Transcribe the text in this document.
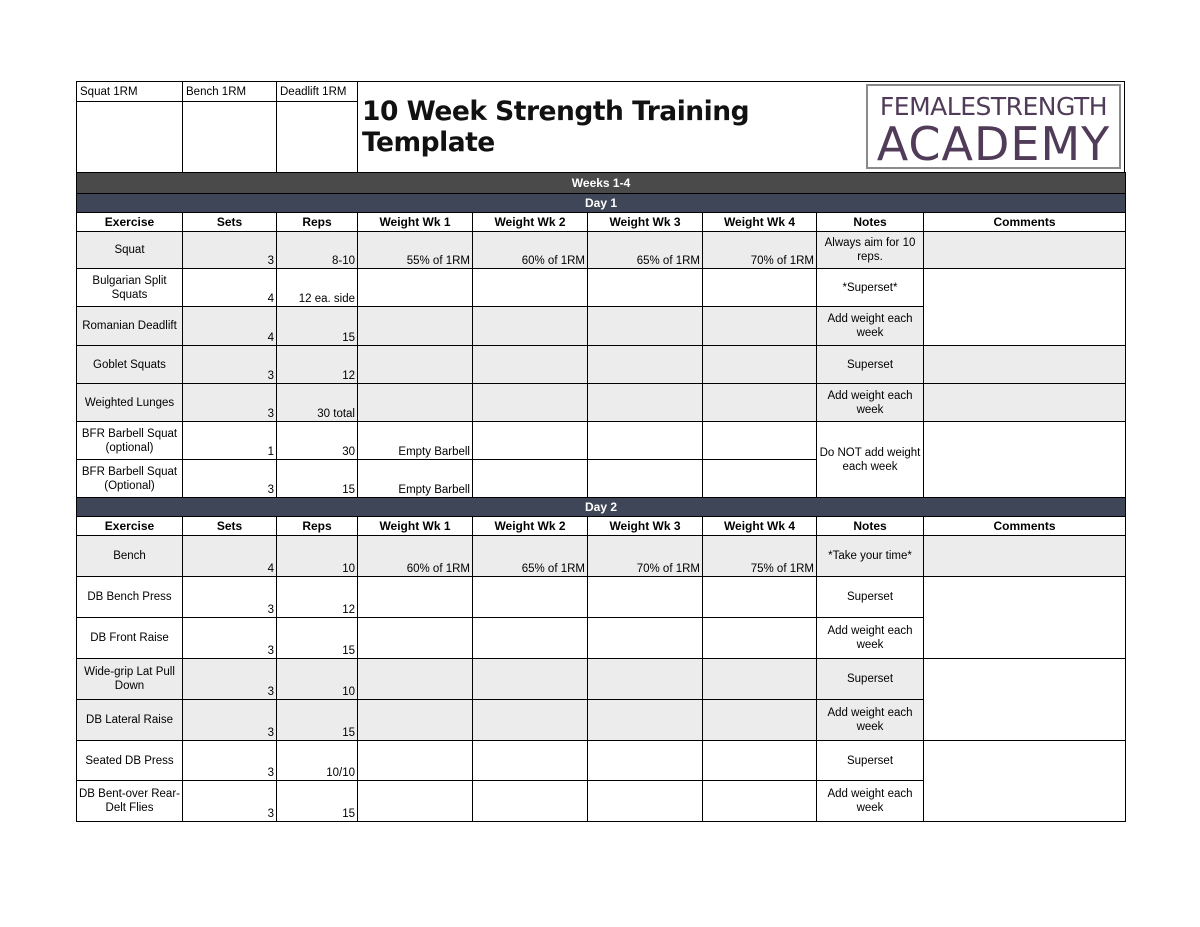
Squat 1RM	Bench 1RM	Deadlift 1RM
10 Week Strength Training Template
FEMALESTRENGTH
ACADEMY
Weeks 1-4								
Day 1								
Exercise	Sets	Reps	Weight Wk 1	Weight Wk 2	Weight Wk 3	Weight Wk 4	Notes	Comments
Squat	3	8-10	55% of 1RM	60% of 1RM	65% of 1RM	70% of 1RM	Always aim for 10 reps.	
Bulgarian Split Squats	4	12 ea. side					*Superset*	
Romanian Deadlift	4	15					Add weight each week	
Goblet Squats	3	12					Superset	
Weighted Lunges	3	30 total					Add weight each week	
BFR Barbell Squat (optional)	1	30	Empty Barbell				Do NOT add weight each week	
BFR Barbell Squat (Optional)	3	15	Empty Barbell					
Day 2								
Exercise	Sets	Reps	Weight Wk 1	Weight Wk 2	Weight Wk 3	Weight Wk 4	Notes	Comments
Bench	4	10	60% of 1RM	65% of 1RM	70% of 1RM	75% of 1RM	*Take your time*	
DB Bench Press	3	12					Superset	
DB Front Raise	3	15					Add weight each week	
Wide-grip Lat Pull Down	3	10					Superset	
DB Lateral Raise	3	15					Add weight each week	
Seated DB Press	3	10/10					Superset	
DB Bent-over Rear-Delt Flies	3	15					Add weight each week	
